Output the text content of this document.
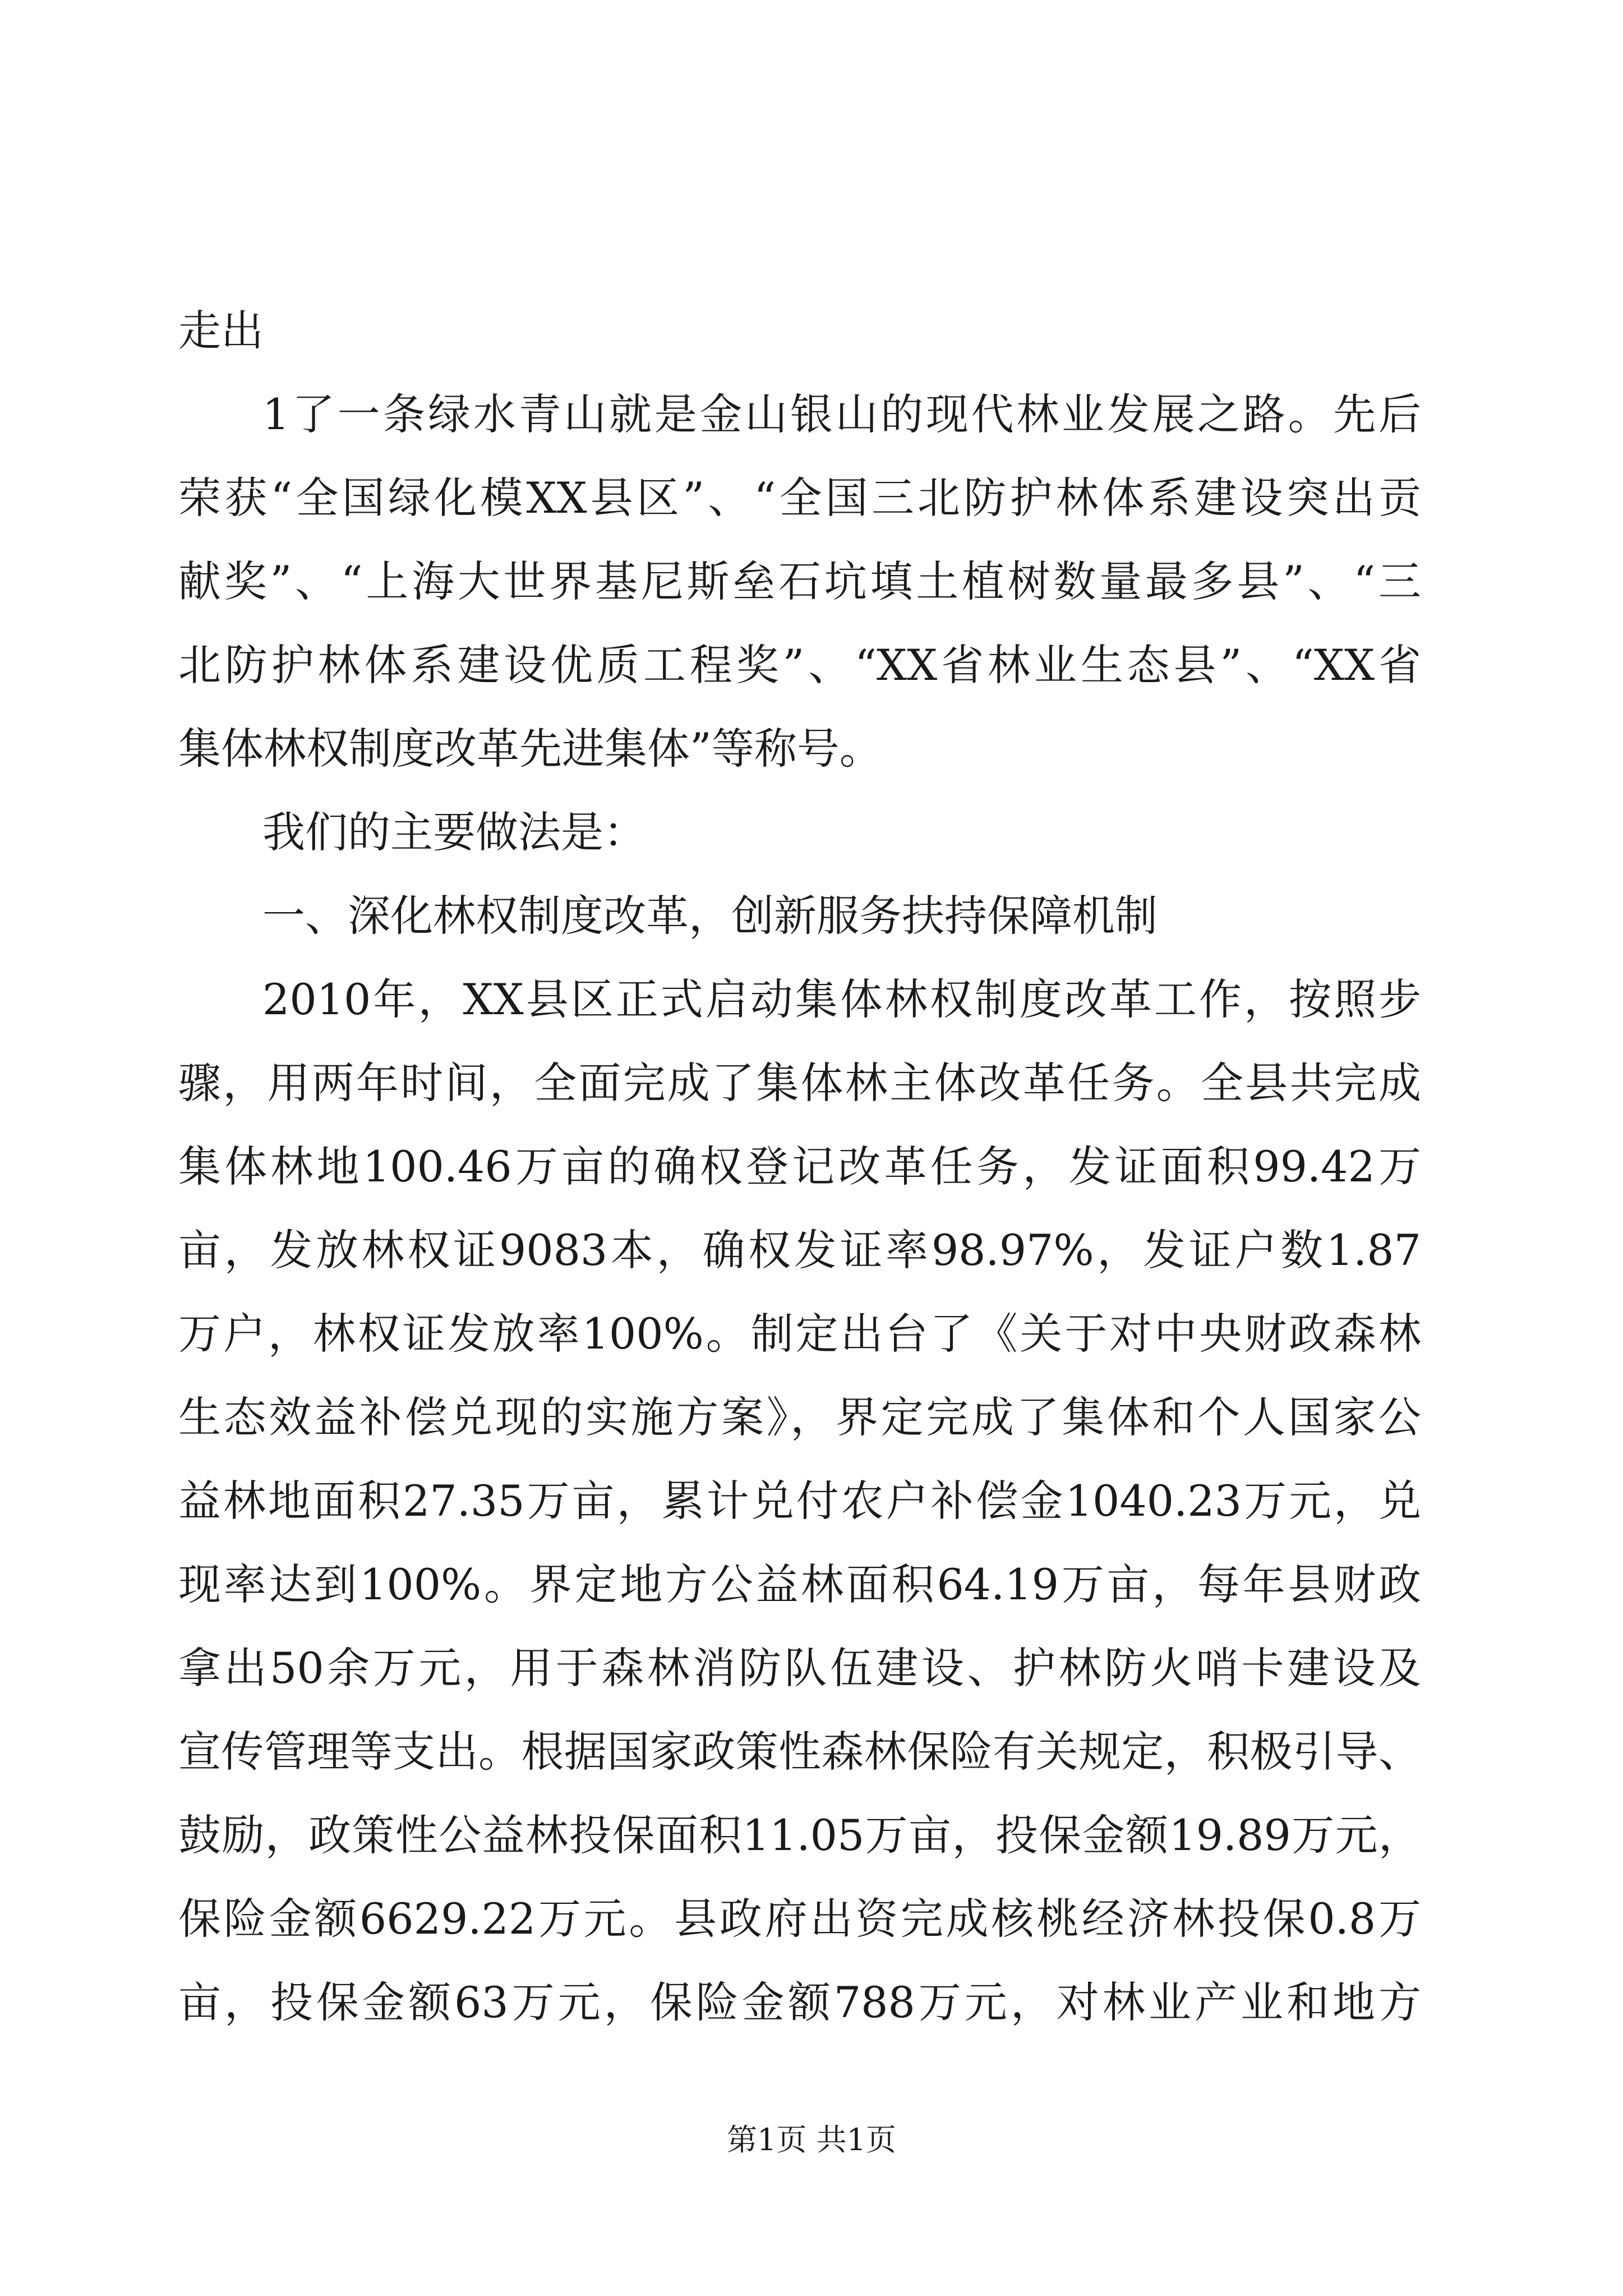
走出
1了一条绿水青山就是金山银山的现代林业发展之路。先后
荣获“全国绿化模XX县区”、“全国三北防护林体系建设突出贡
献奖”、“上海大世界基尼斯垒石坑填土植树数量最多县”、“三
北防护林体系建设优质工程奖”、“XX省林业生态县”、“XX省
集体林权制度改革先进集体”等称号。
我们的主要做法是：
一、深化林权制度改革，创新服务扶持保障机制
2010年，XX县区正式启动集体林权制度改革工作，按照步
骤，用两年时间，全面完成了集体林主体改革任务。全县共完成
集体林地100.46万亩的确权登记改革任务，发证面积99.42万
亩，发放林权证9083本，确权发证率98.97%，发证户数1.87
万户，林权证发放率100%。制定出台了《关于对中央财政森林
生态效益补偿兑现的实施方案》，界定完成了集体和个人国家公
益林地面积27.35万亩，累计兑付农户补偿金1040.23万元，兑
现率达到100%。界定地方公益林面积64.19万亩，每年县财政
拿出50余万元，用于森林消防队伍建设、护林防火哨卡建设及
宣传管理等支出。根据国家政策性森林保险有关规定，积极引导、
鼓励，政策性公益林投保面积11.05万亩，投保金额19.89万元，
保险金额6629.22万元。县政府出资完成核桃经济林投保0.8万
亩，投保金额63万元，保险金额788万元，对林业产业和地方
第1页 共1页
